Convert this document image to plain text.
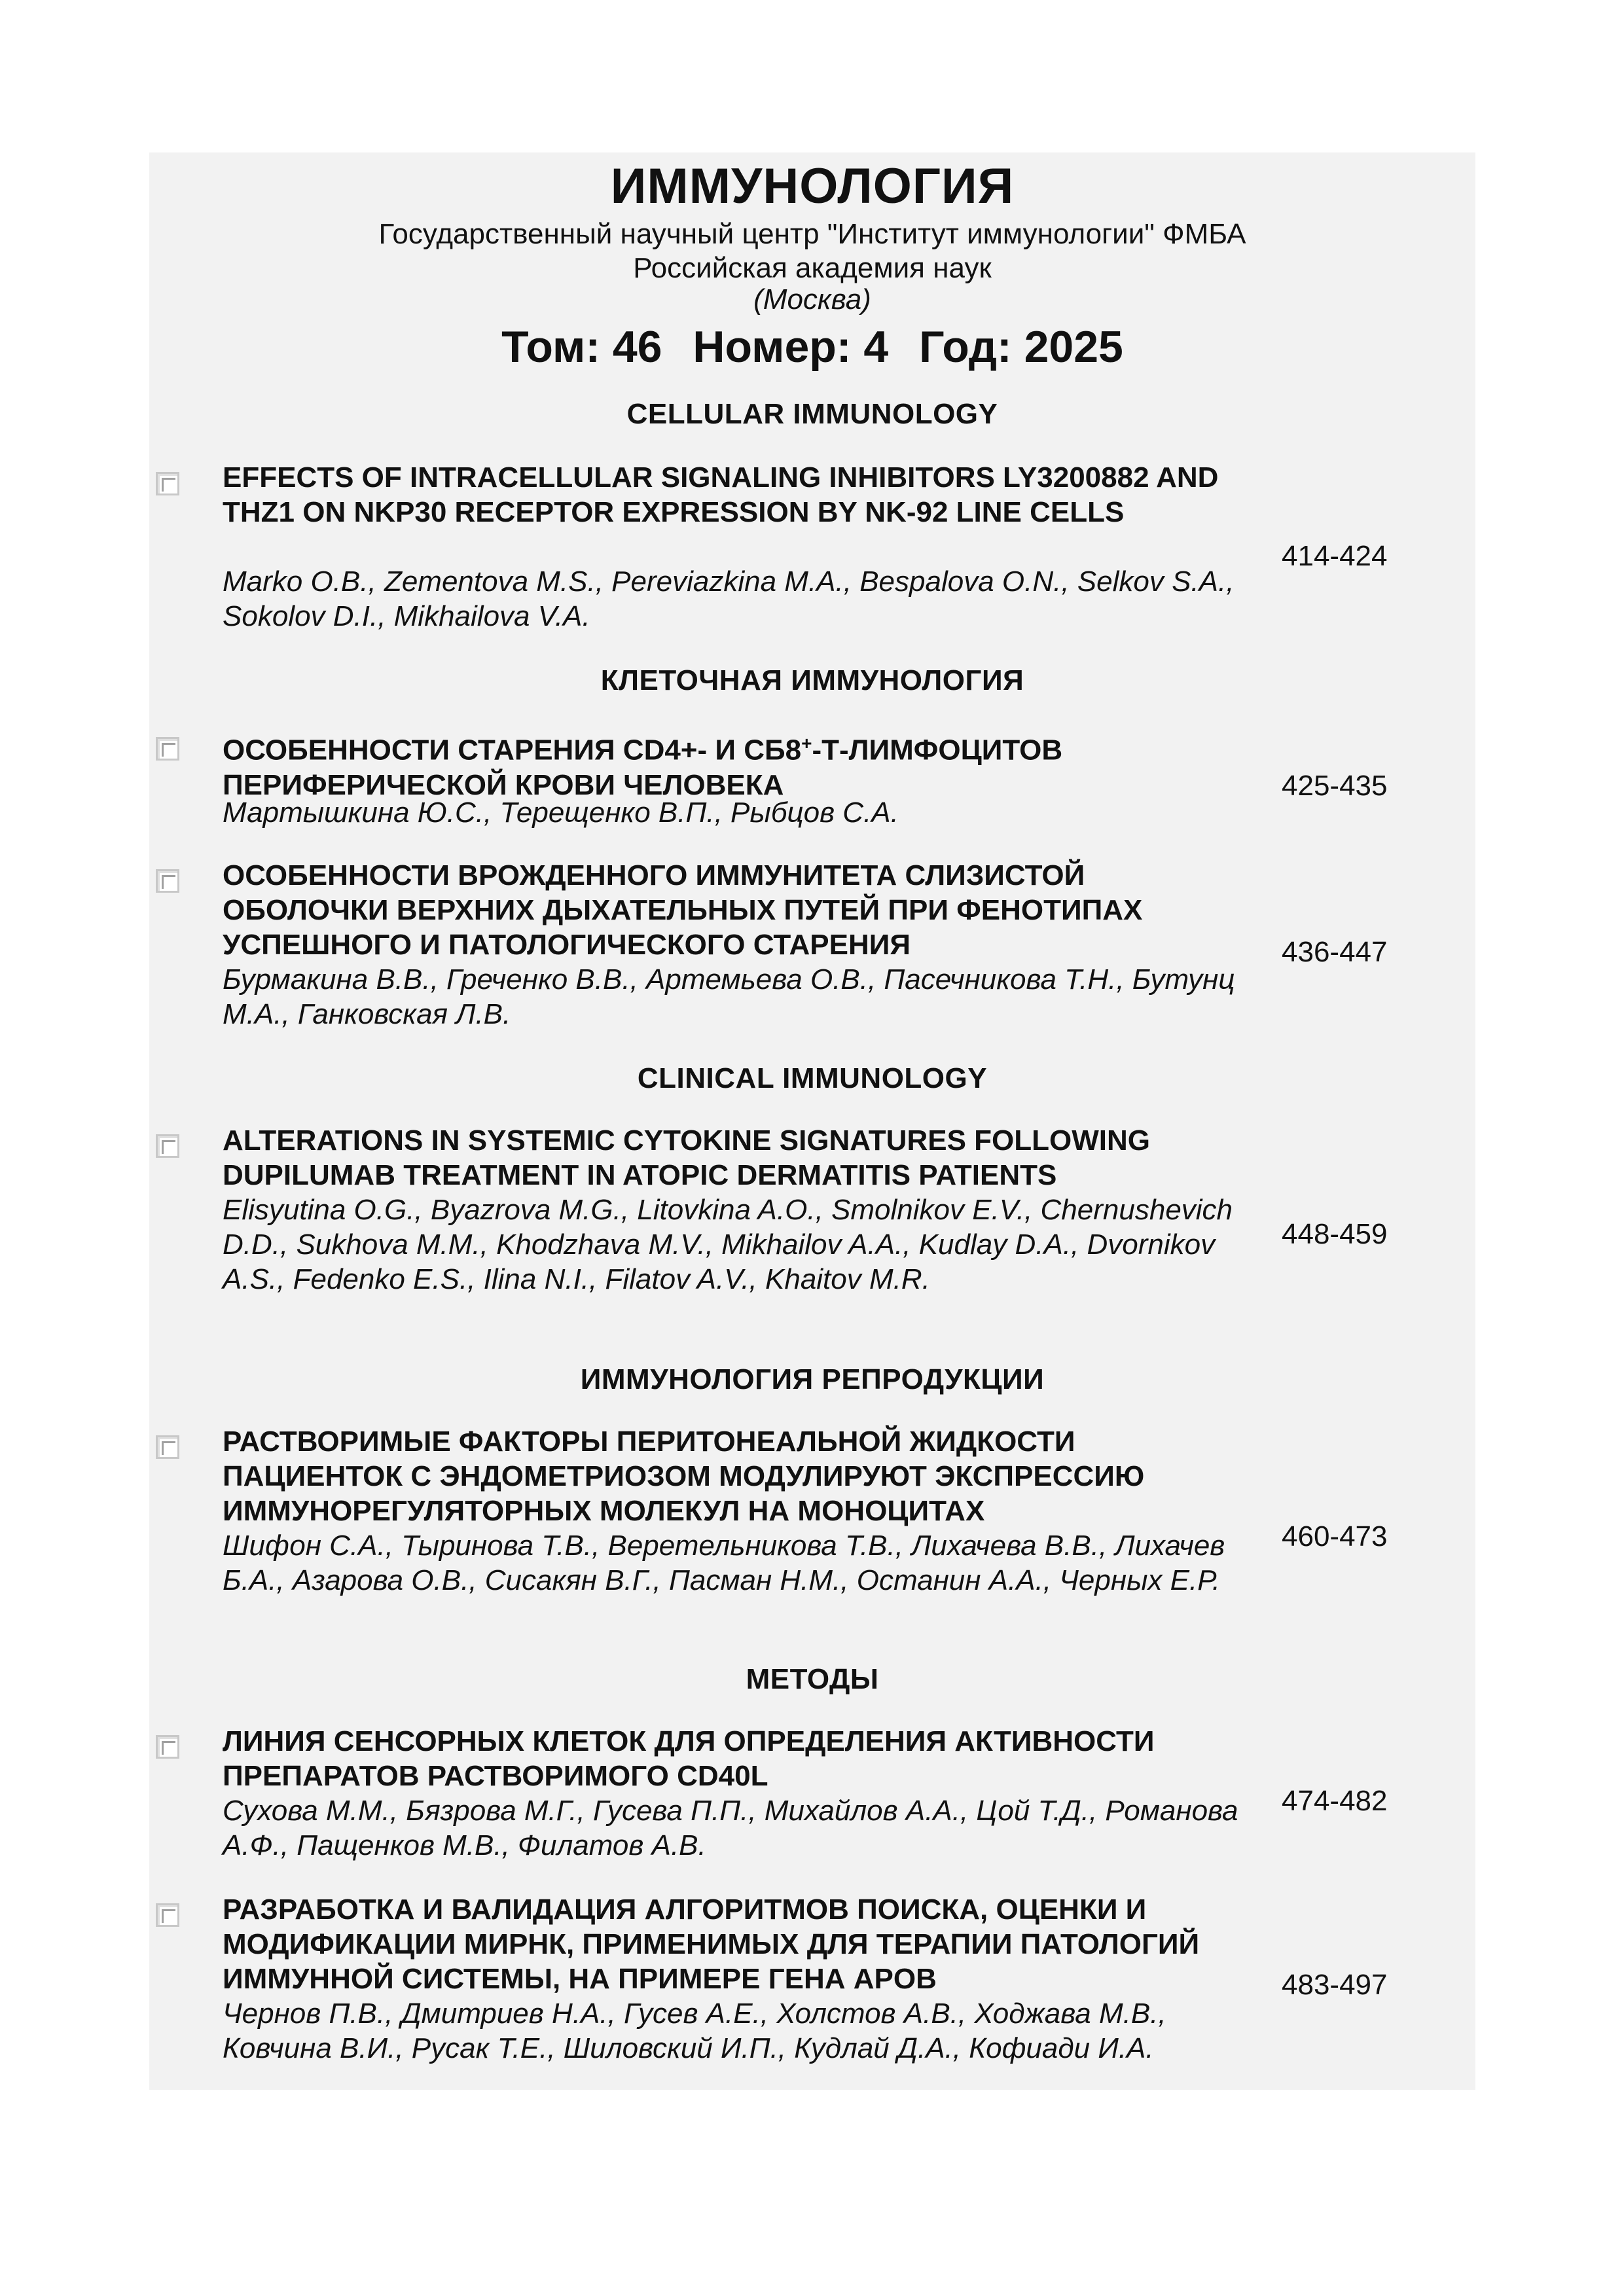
ИММУНОЛОГИЯ
Государственный научный центр "Институт иммунологии" ФМБА
Российская академия наук
(Москва)
Том: 46 Номер: 4 Год: 2025
CELLULAR IMMUNOLOGY
EFFECTS OF INTRACELLULAR SIGNALING INHIBITORS LY3200882 AND THZ1 ON NKP30 RECEPTOR EXPRESSION BY NK-92 LINE CELLS
Marko O.B., Zementova M.S., Pereviazkina M.A., Bespalova O.N., Selkov S.A., Sokolov D.I., Mikhailova V.A.
414-424
КЛЕТОЧНАЯ ИММУНОЛОГИЯ
ОСОБЕННОСТИ СТАРЕНИЯ CD4+- И CБ8+-Т-ЛИМФОЦИТОВ ПЕРИФЕРИЧЕСКОЙ КРОВИ ЧЕЛОВЕКА
Мартышкина Ю.С., Терещенко В.П., Рыбцов С.А.
425-435
ОСОБЕННОСТИ ВРОЖДЕННОГО ИММУНИТЕТА СЛИЗИСТОЙ ОБОЛОЧКИ ВЕРХНИХ ДЫХАТЕЛЬНЫХ ПУТЕЙ ПРИ ФЕНОТИПАХ УСПЕШНОГО И ПАТОЛОГИЧЕСКОГО СТАРЕНИЯ
Бурмакина В.В., Греченко В.В., Артемьева О.В., Пасечникова Т.Н., Бутунц М.А., Ганковская Л.В.
436-447
CLINICAL IMMUNOLOGY
ALTERATIONS IN SYSTEMIC CYTOKINE SIGNATURES FOLLOWING DUPILUMAB TREATMENT IN ATOPIC DERMATITIS PATIENTS
Elisyutina O.G., Byazrova M.G., Litovkina A.O., Smolnikov E.V., Chernushevich D.D., Sukhova M.M., Khodzhava M.V., Mikhailov A.A., Kudlay D.A., Dvornikov A.S., Fedenko E.S., Ilina N.I., Filatov A.V., Khaitov M.R.
448-459
ИММУНОЛОГИЯ РЕПРОДУКЦИИ
РАСТВОРИМЫЕ ФАКТОРЫ ПЕРИТОНЕАЛЬНОЙ ЖИДКОСТИ ПАЦИЕНТОК С ЭНДОМЕТРИОЗОМ МОДУЛИРУЮТ ЭКСПРЕССИЮ ИММУНОРЕГУЛЯТОРНЫХ МОЛЕКУЛ НА МОНОЦИТАХ
Шифон С.А., Тыринова Т.В., Веретельникова Т.В., Лихачева В.В., Лихачев Б.А., Азарова О.В., Сисакян В.Г., Пасман Н.М., Останин А.А., Черных Е.Р.
460-473
МЕТОДЫ
ЛИНИЯ СЕНСОРНЫХ КЛЕТОК ДЛЯ ОПРЕДЕЛЕНИЯ АКТИВНОСТИ ПРЕПАРАТОВ РАСТВОРИМОГО CD40L
Сухова М.М., Бязрова М.Г., Гусева П.П., Михайлов А.А., Цой Т.Д., Романова А.Ф., Пащенков М.В., Филатов А.В.
474-482
РАЗРАБОТКА И ВАЛИДАЦИЯ АЛГОРИТМОВ ПОИСКА, ОЦЕНКИ И МОДИФИКАЦИИ МИРНК, ПРИМЕНИМЫХ ДЛЯ ТЕРАПИИ ПАТОЛОГИЙ ИММУННОЙ СИСТЕМЫ, НА ПРИМЕРЕ ГЕНА APOB
Чернов П.В., Дмитриев Н.А., Гусев А.Е., Холстов А.В., Ходжава М.В., Ковчина В.И., Русак Т.Е., Шиловский И.П., Кудлай Д.А., Кофиади И.А.
483-497
